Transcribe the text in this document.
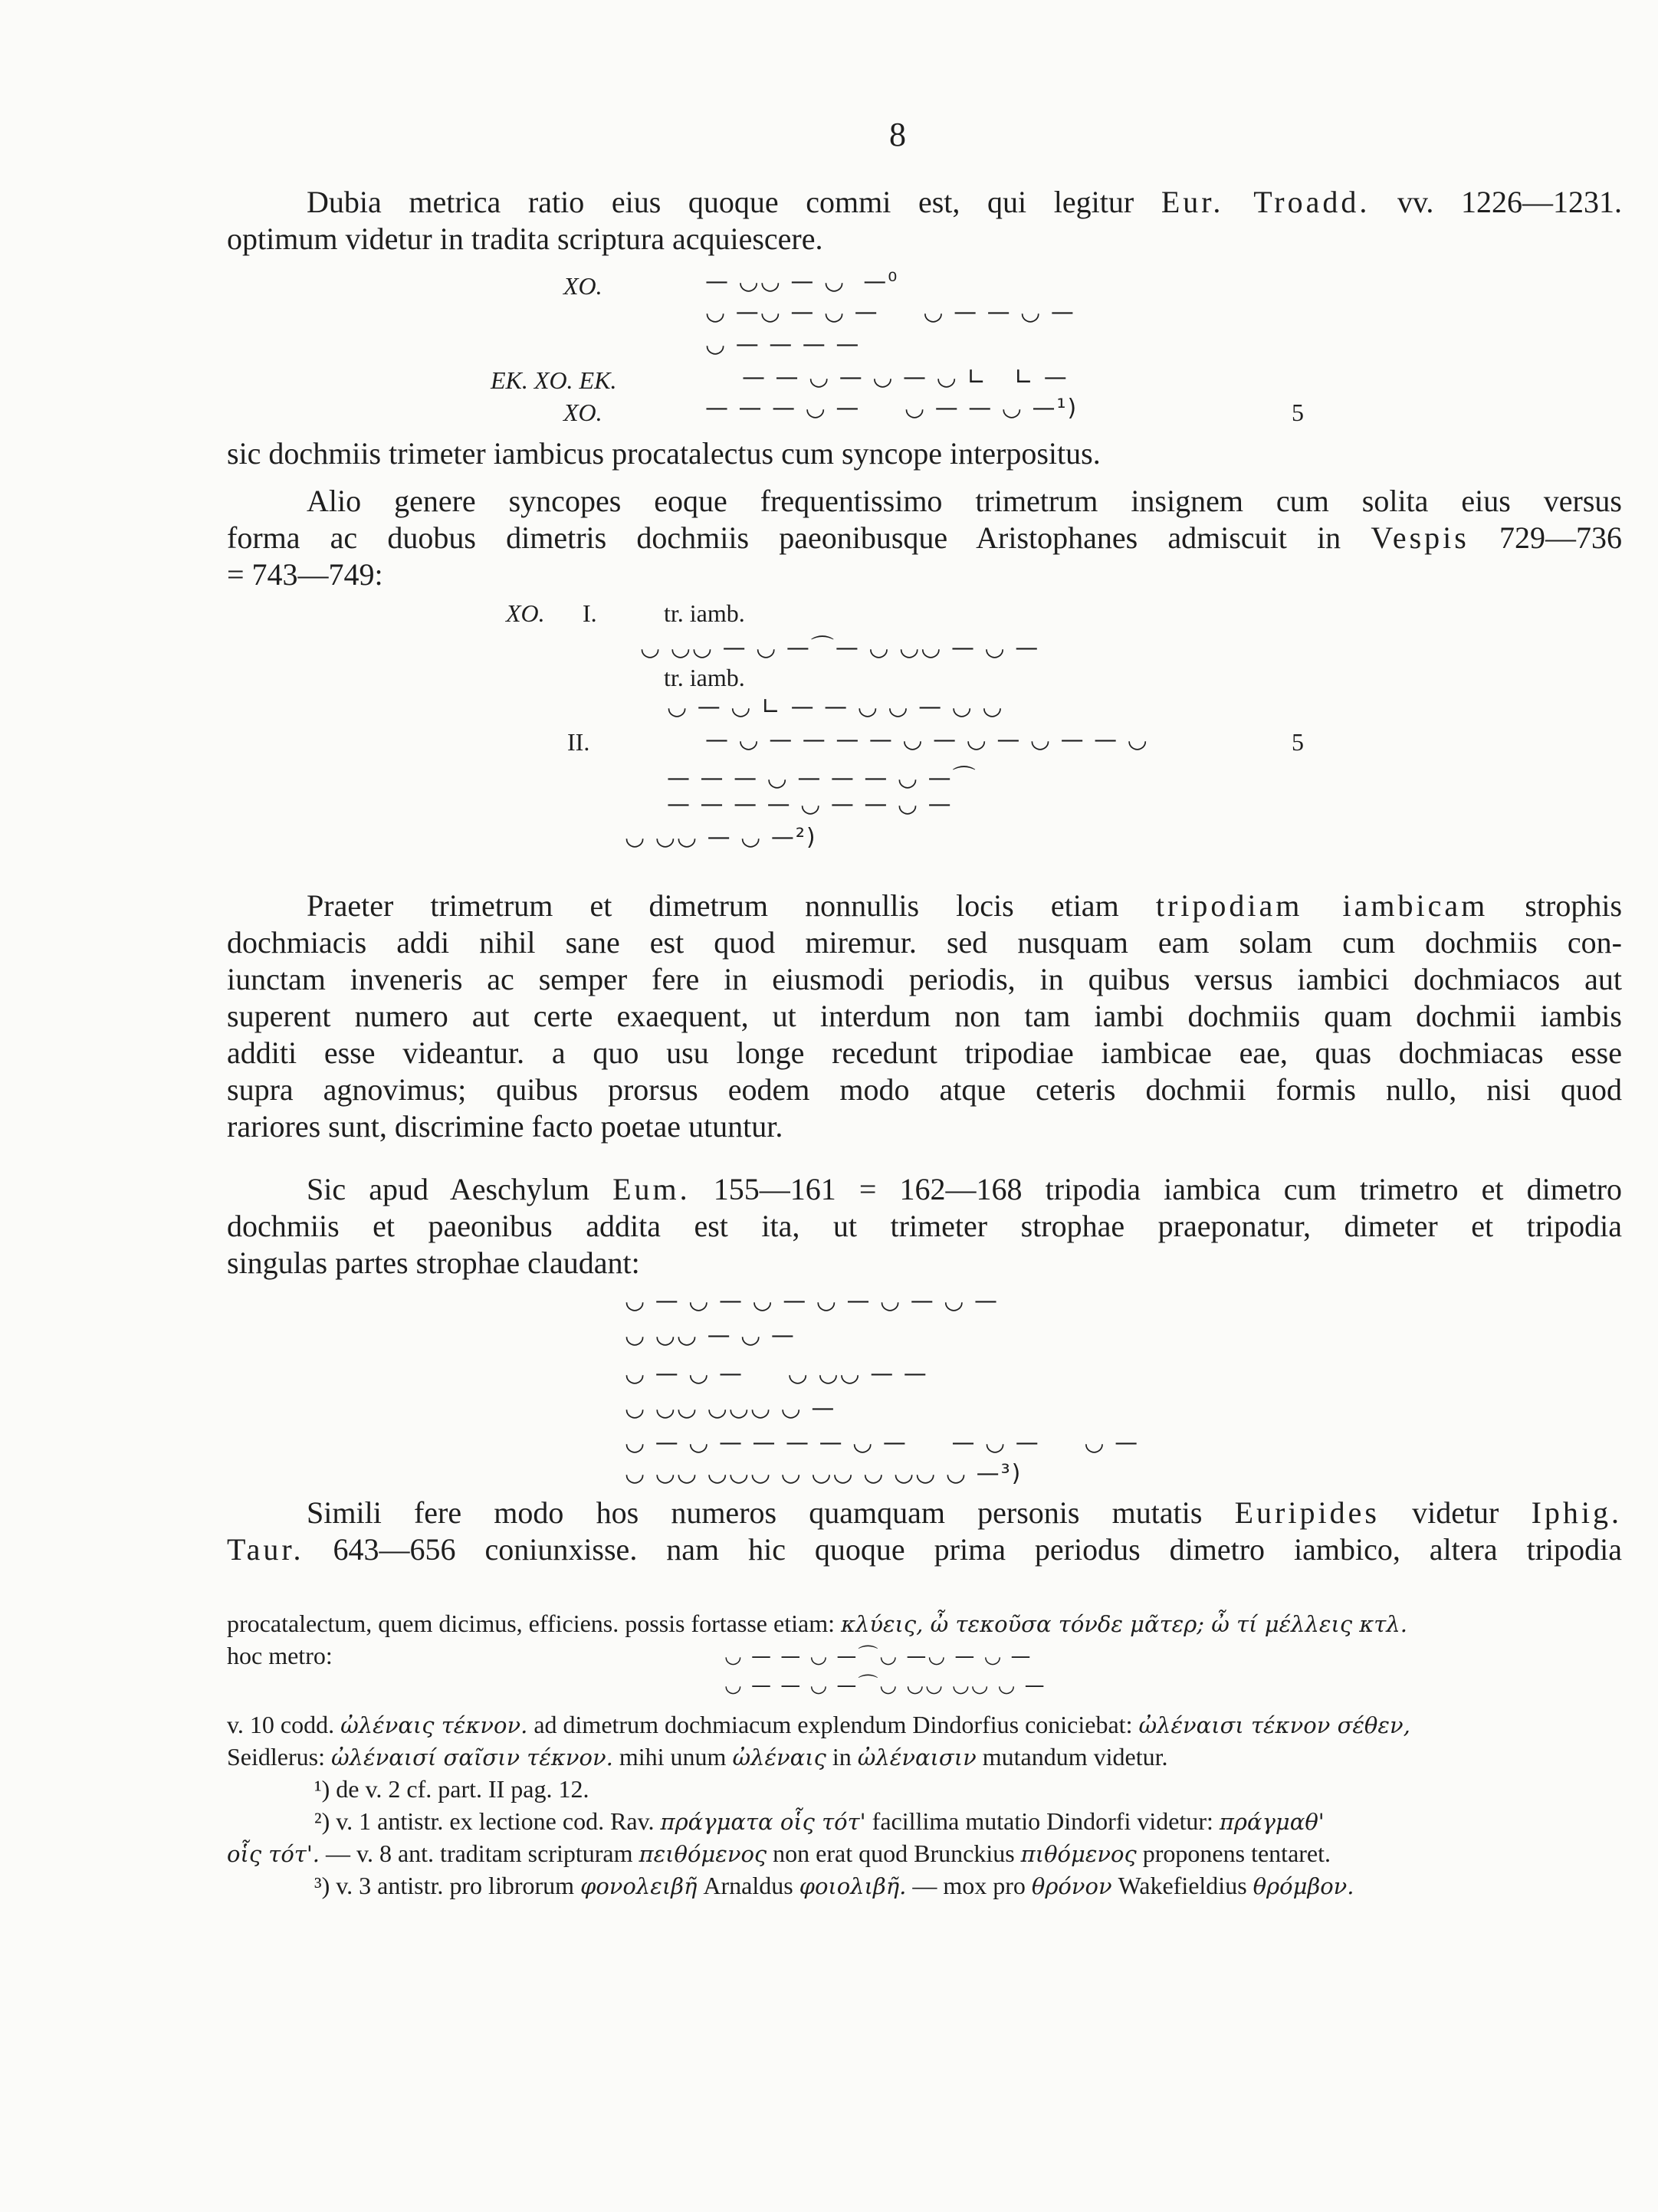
8
Dubia metrica ratio eius quoque commi est, qui legitur Eur. Troadd. vv. 1226—1231.
optimum videtur in tradita scriptura acquiescere.
XO.	— ◡◡ — ◡  —⁰
◡ —◡ — ◡ —     ◡ — — ◡ —
◡ — — — —
EK. XO. EK.	— — ◡ — ◡ — ◡ ∟   ∟ —
XO.	— — — ◡ —     ◡ — — ◡ —¹)	5
sic dochmiis trimeter iambicus procatalectus cum syncope interpositus.
Alio genere syncopes eoque frequentissimo trimetrum insignem cum solita eius versus
forma ac duobus dimetris dochmiis paeonibusque Aristophanes admiscuit in Vespis 729—736
= 743—749:
XO. I.	tr. iamb.
◡ ◡◡ — ◡ —⌒— ◡ ◡◡ — ◡ —
tr. iamb.
◡ — ◡ ∟ — — ◡ ◡ — ◡ ◡
II.	— ◡ — — — — ◡ — ◡ — ◡ — — ◡	5
— — — ◡ — — — ◡ —⌒
— — — — ◡ — — ◡ —
◡ ◡◡ — ◡ —²)
Praeter trimetrum et dimetrum nonnullis locis etiam tripodiam iambicam strophis
dochmiacis addi nihil sane est quod miremur. sed nusquam eam solam cum dochmiis con-
iunctam inveneris ac semper fere in eiusmodi periodis, in quibus versus iambici dochmiacos aut
superent numero aut certe exaequent, ut interdum non tam iambi dochmiis quam dochmii iambis
additi esse videantur. a quo usu longe recedunt tripodiae iambicae eae, quas dochmiacas esse
supra agnovimus; quibus prorsus eodem modo atque ceteris dochmii formis nullo, nisi quod
rariores sunt, discrimine facto poetae utuntur.
Sic apud Aeschylum Eum. 155—161 = 162—168 tripodia iambica cum trimetro et dimetro
dochmiis et paeonibus addita est ita, ut trimeter strophae praeponatur, dimeter et tripodia
singulas partes strophae claudant:
◡ — ◡ — ◡ — ◡ — ◡ — ◡ —
◡ ◡◡ — ◡ —
◡ — ◡ —     ◡ ◡◡ — —
◡ ◡◡ ◡◡◡ ◡ —
◡ — ◡ — — — — ◡ —     — ◡ —     ◡ —
◡ ◡◡ ◡◡◡ ◡ ◡◡ ◡ ◡◡ ◡ —³)
Simili fere modo hos numeros quamquam personis mutatis Euripides videtur Iphig.
Taur. 643—656 coniunxisse. nam hic quoque prima periodus dimetro iambico, altera tripodia
procatalectum, quem dicimus, efficiens. possis fortasse etiam: κλύεις, ὦ τεκοῦσα τόνδε μᾶτερ; ὦ τί μέλλεις κτλ.
hoc metro:	◡ — — ◡ —⌒◡ —◡ — ◡ —
◡ — — ◡ —⌒◡ ◡◡ ◡◡ ◡ —
v. 10 codd. ὠλέναις τέκνον. ad dimetrum dochmiacum explendum Dindorfius coniciebat: ὠλέναισι τέκνον σέθεν,
Seidlerus: ὠλέναισί σαῖσιν τέκνον. mihi unum ὠλέναις in ὠλέναισιν mutandum videtur.
¹) de v. 2 cf. part. II pag. 12.
²) v. 1 antistr. ex lectione cod. Rav. πράγματα οἷς τότ' facillima mutatio Dindorfi videtur: πράγμαθ'
οἷς τότ'. — v. 8 ant. traditam scripturam πειθόμενος non erat quod Brunckius πιθόμενος proponens tentaret.
³) v. 3 antistr. pro librorum φονολειβῆ Arnaldus φοιολιβῆ. — mox pro θρόνον Wakefieldius θρόμβον.
